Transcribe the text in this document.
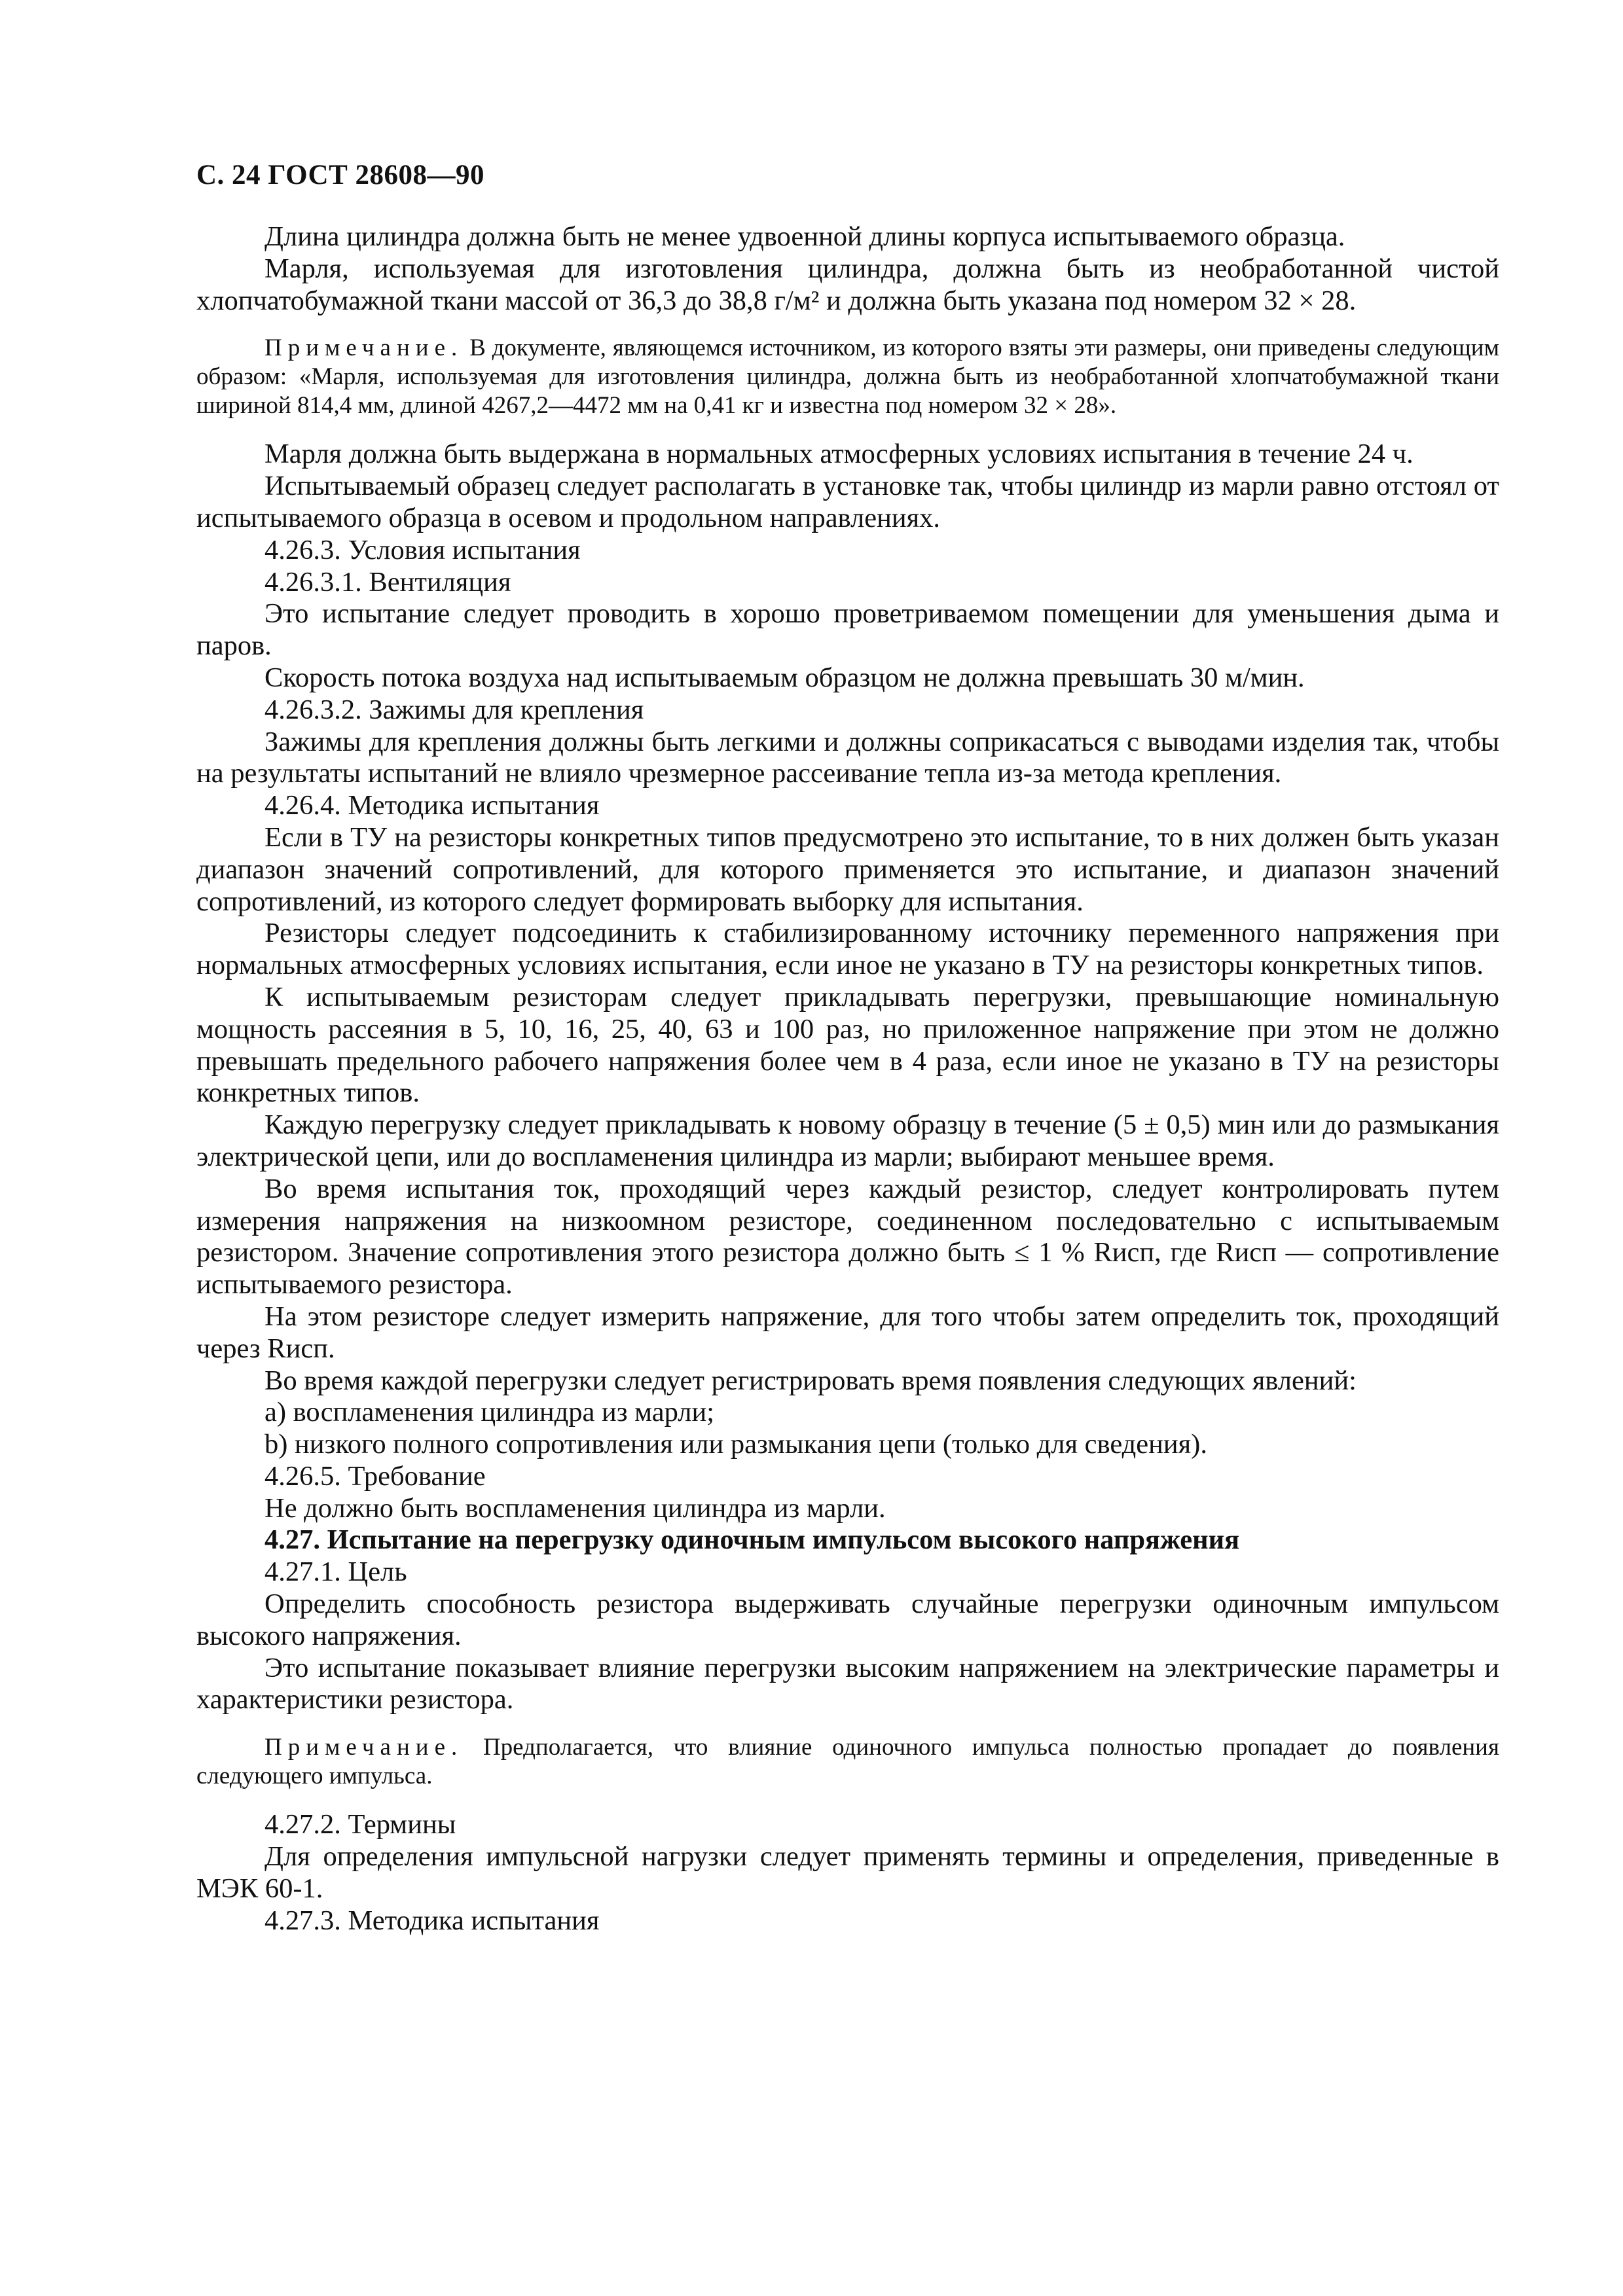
С. 24 ГОСТ 28608—90

Длина цилиндра должна быть не менее удвоенной длины корпуса испытываемого образца.

Марля, используемая для изготовления цилиндра, должна быть из необработанной чистой хлопчатобумажной ткани массой от 36,3 до 38,8 г/м² и должна быть указана под номером 32 × 28.

Примечание. В документе, являющемся источником, из которого взяты эти размеры, они приведены следующим образом: «Марля, используемая для изготовления цилиндра, должна быть из необработанной хлопчатобумажной ткани шириной 814,4 мм, длиной 4267,2—4472 мм на 0,41 кг и известна под номером 32 × 28».

Марля должна быть выдержана в нормальных атмосферных условиях испытания в течение 24 ч.

Испытываемый образец следует располагать в установке так, чтобы цилиндр из марли равно отстоял от испытываемого образца в осевом и продольном направлениях.

4.26.3. Условия испытания

4.26.3.1. Вентиляция

Это испытание следует проводить в хорошо проветриваемом помещении для уменьшения дыма и паров.

Скорость потока воздуха над испытываемым образцом не должна превышать 30 м/мин.

4.26.3.2. Зажимы для крепления

Зажимы для крепления должны быть легкими и должны соприкасаться с выводами изделия так, чтобы на результаты испытаний не влияло чрезмерное рассеивание тепла из-за метода крепления.

4.26.4. Методика испытания

Если в ТУ на резисторы конкретных типов предусмотрено это испытание, то в них должен быть указан диапазон значений сопротивлений, для которого применяется это испытание, и диапазон значений сопротивлений, из которого следует формировать выборку для испытания.

Резисторы следует подсоединить к стабилизированному источнику переменного напряжения при нормальных атмосферных условиях испытания, если иное не указано в ТУ на резисторы конкретных типов.

К испытываемым резисторам следует прикладывать перегрузки, превышающие номинальную мощность рассеяния в 5, 10, 16, 25, 40, 63 и 100 раз, но приложенное напряжение при этом не должно превышать предельного рабочего напряжения более чем в 4 раза, если иное не указано в ТУ на резисторы конкретных типов.

Каждую перегрузку следует прикладывать к новому образцу в течение (5 ± 0,5) мин или до размыкания электрической цепи, или до воспламенения цилиндра из марли; выбирают меньшее время.

Во время испытания ток, проходящий через каждый резистор, следует контролировать путем измерения напряжения на низкоомном резисторе, соединенном последовательно с испытываемым резистором. Значение сопротивления этого резистора должно быть ≤ 1 % Rисп, где Rисп — сопротивление испытываемого резистора.

На этом резисторе следует измерить напряжение, для того чтобы затем определить ток, проходящий через Rисп.

Во время каждой перегрузки следует регистрировать время появления следующих явлений:

a) воспламенения цилиндра из марли;

b) низкого полного сопротивления или размыкания цепи (только для сведения).

4.26.5. Требование

Не должно быть воспламенения цилиндра из марли.

4.27. Испытание на перегрузку одиночным импульсом высокого напряжения

4.27.1. Цель

Определить способность резистора выдерживать случайные перегрузки одиночным импульсом высокого напряжения.

Это испытание показывает влияние перегрузки высоким напряжением на электрические параметры и характеристики резистора.

Примечание. Предполагается, что влияние одиночного импульса полностью пропадает до появления следующего импульса.

4.27.2. Термины

Для определения импульсной нагрузки следует применять термины и определения, приведенные в МЭК 60-1.

4.27.3. Методика испытания
